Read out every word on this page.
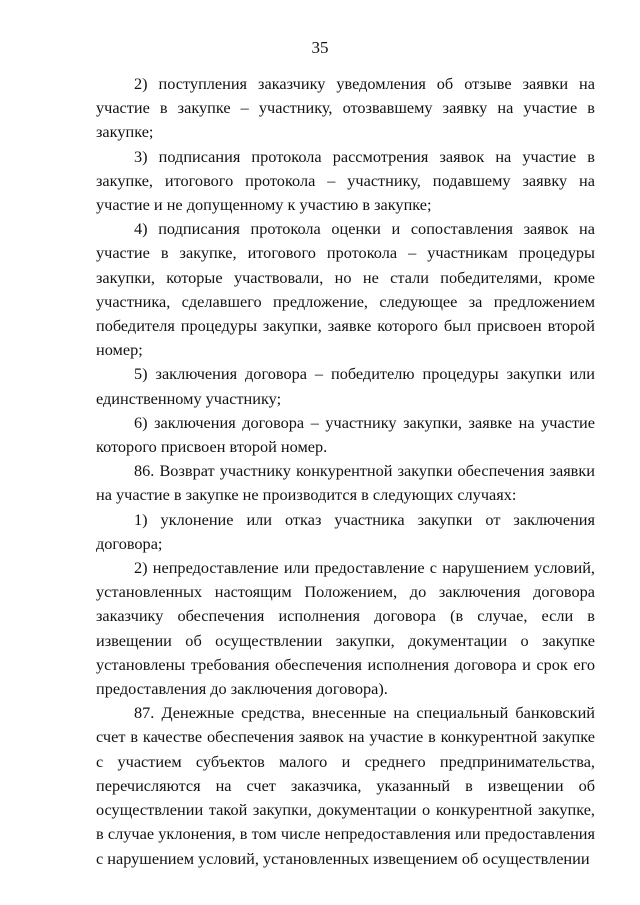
35

2) поступления заказчику уведомления об отзыве заявки на участие в закупке – участнику, отозвавшему заявку на участие в закупке;

3) подписания протокола рассмотрения заявок на участие в закупке, итогового протокола – участнику, подавшему заявку на участие и не допущенному к участию в закупке;

4) подписания протокола оценки и сопоставления заявок на участие в закупке, итогового протокола – участникам процедуры закупки, которые участвовали, но не стали победителями, кроме участника, сделавшего предложение, следующее за предложением победителя процедуры закупки, заявке которого был присвоен второй номер;

5) заключения договора – победителю процедуры закупки или единственному участнику;

6) заключения договора – участнику закупки, заявке на участие которого присвоен второй номер.

86. Возврат участнику конкурентной закупки обеспечения заявки на участие в закупке не производится в следующих случаях:

1) уклонение или отказ участника закупки от заключения договора;

2) непредоставление или предоставление с нарушением условий, установленных настоящим Положением, до заключения договора заказчику обеспечения исполнения договора (в случае, если в извещении об осуществлении закупки, документации о закупке установлены требования обеспечения исполнения договора и срок его предоставления до заключения договора).

87. Денежные средства, внесенные на специальный банковский счет в качестве обеспечения заявок на участие в конкурентной закупке с участием субъектов малого и среднего предпринимательства, перечисляются на счет заказчика, указанный в извещении об осуществлении такой закупки, документации о конкурентной закупке, в случае уклонения, в том числе непредоставления или предоставления с нарушением условий, установленных извещением об осуществлении
